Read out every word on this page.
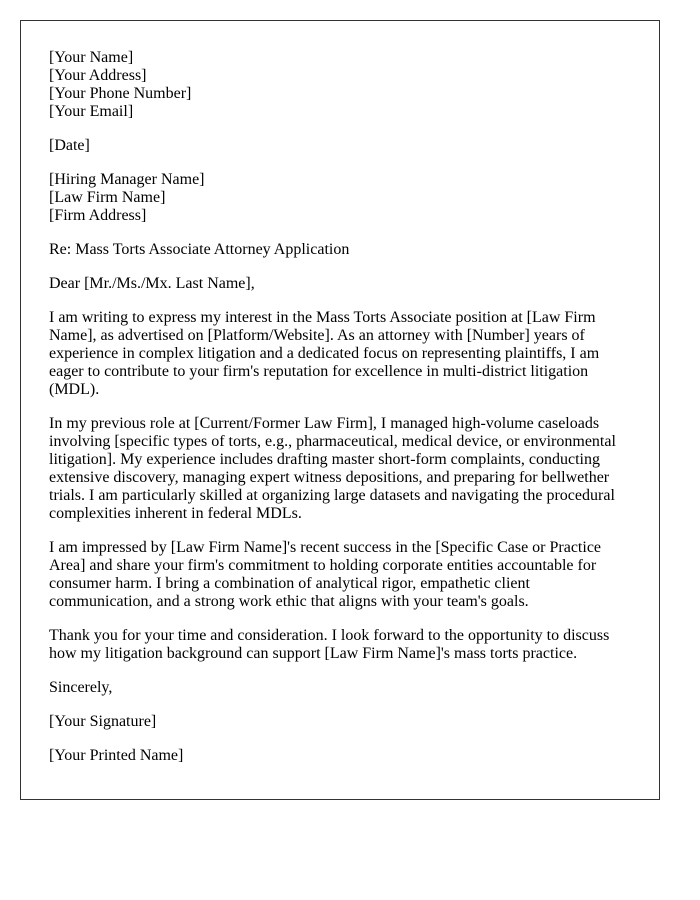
[Your Name]
[Your Address]
[Your Phone Number]
[Your Email]

[Date]

[Hiring Manager Name]
[Law Firm Name]
[Firm Address]

Re: Mass Torts Associate Attorney Application

Dear [Mr./Ms./Mx. Last Name],

I am writing to express my interest in the Mass Torts Associate position at [Law Firm Name], as advertised on [Platform/Website]. As an attorney with [Number] years of experience in complex litigation and a dedicated focus on representing plaintiffs, I am eager to contribute to your firm's reputation for excellence in multi-district litigation (MDL).

In my previous role at [Current/Former Law Firm], I managed high-volume caseloads involving [specific types of torts, e.g., pharmaceutical, medical device, or environmental litigation]. My experience includes drafting master short-form complaints, conducting extensive discovery, managing expert witness depositions, and preparing for bellwether trials. I am particularly skilled at organizing large datasets and navigating the procedural complexities inherent in federal MDLs.

I am impressed by [Law Firm Name]'s recent success in the [Specific Case or Practice Area] and share your firm's commitment to holding corporate entities accountable for consumer harm. I bring a combination of analytical rigor, empathetic client communication, and a strong work ethic that aligns with your team's goals.

Thank you for your time and consideration. I look forward to the opportunity to discuss how my litigation background can support [Law Firm Name]'s mass torts practice.

Sincerely,

[Your Signature]

[Your Printed Name]
